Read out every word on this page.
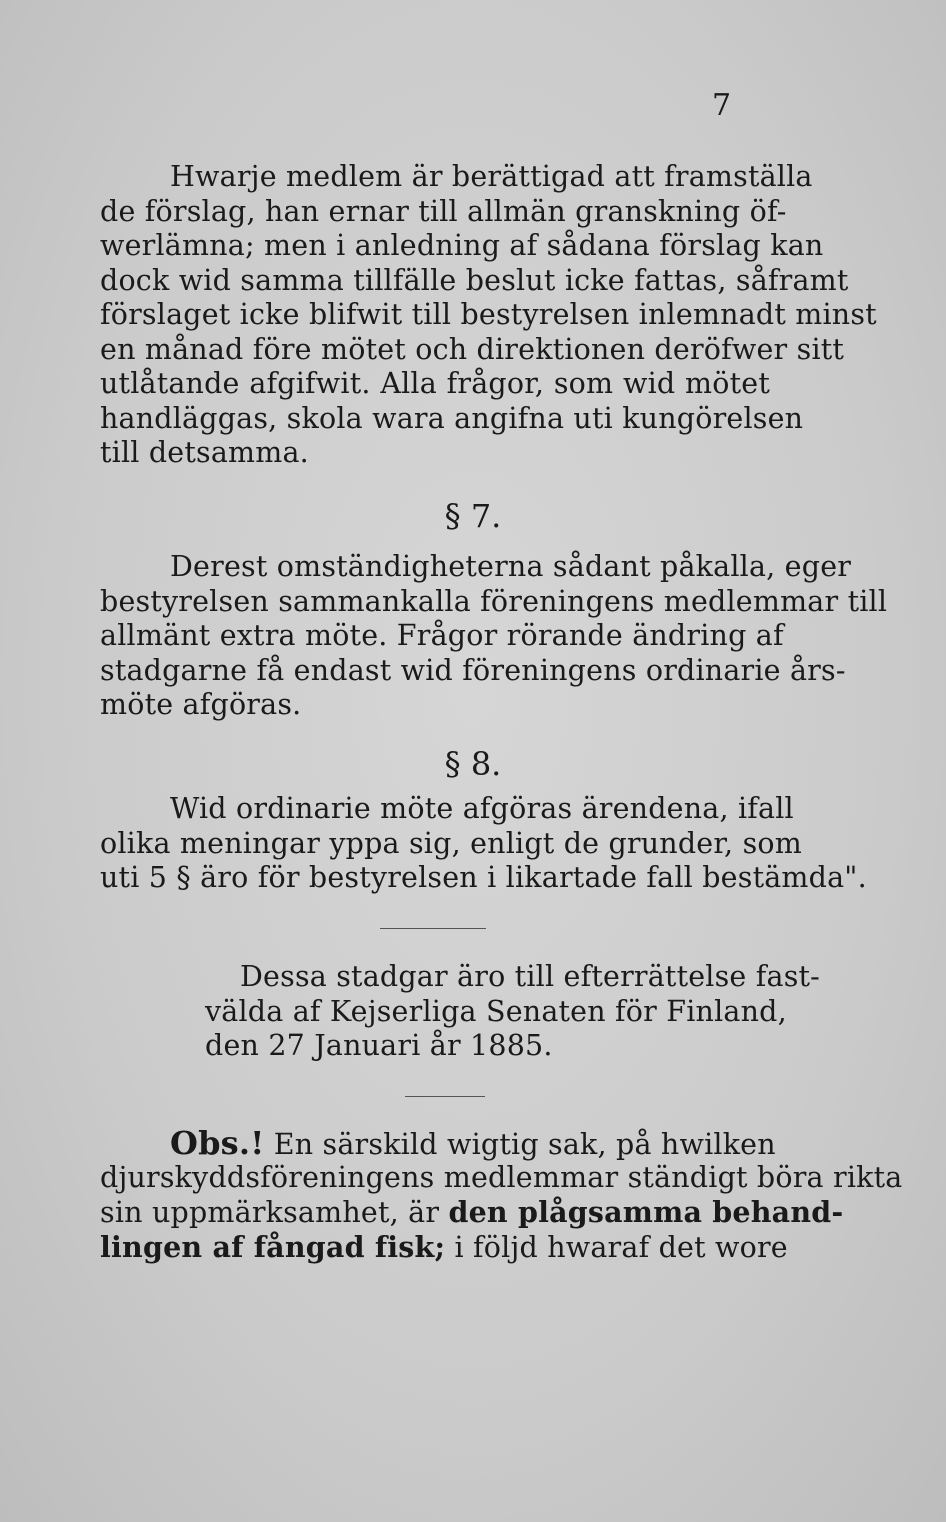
7
Hwarje medlem är berättigad att framställa
de förslag, han ernar till allmän granskning öf-
werlämna; men i anledning af sådana förslag kan
dock wid samma tillfälle beslut icke fattas, såframt
förslaget icke blifwit till bestyrelsen inlemnadt minst
en månad före mötet och direktionen deröfwer sitt
utlåtande afgifwit. Alla frågor, som wid mötet
handläggas, skola wara angifna uti kungörelsen
till detsamma.
§ 7.
Derest omständigheterna sådant påkalla, eger
bestyrelsen sammankalla föreningens medlemmar till
allmänt extra möte. Frågor rörande ändring af
stadgarne få endast wid föreningens ordinarie års-
möte afgöras.
§ 8.
Wid ordinarie möte afgöras ärendena, ifall
olika meningar yppa sig, enligt de grunder, som
uti 5 § äro för bestyrelsen i likartade fall bestämda".
Dessa stadgar äro till efterrättelse fast-
välda af Kejserliga Senaten för Finland,
den 27 Januari år 1885.
Obs.! En särskild wigtig sak, på hwilken
djurskyddsföreningens medlemmar ständigt böra rikta
sin uppmärksamhet, är den plågsamma behand-
lingen af fångad fisk; i följd hwaraf det wore
